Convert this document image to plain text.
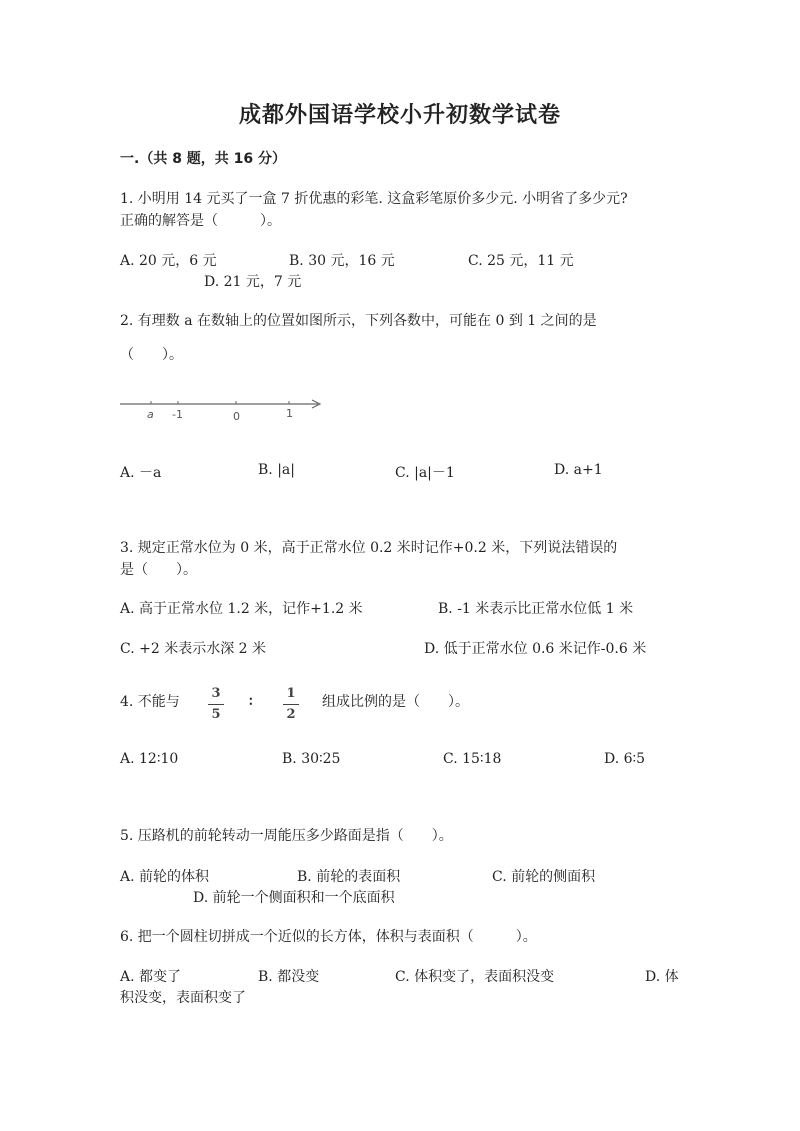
成都外国语学校小升初数学试卷
一.（共 8 题，共 16 分）
1. 小明用 14 元买了一盒 7 折优惠的彩笔. 这盒彩笔原价多少元. 小明省了多少元?
正确的解答是（　　　）。
A. 20 元，6 元	B. 30 元，16 元	C. 25 元，11 元
D. 21 元，7 元
2. 有理数 a 在数轴上的位置如图所示，下列各数中，可能在 0 到 1 之间的是
（　　）。
a -1	0	1
A. －a	B. |a|	C. |a|－1	D. a+1
3. 规定正常水位为 0 米，高于正常水位 0.2 米时记作+0.2 米，下列说法错误的
是（　　）。
A. 高于正常水位 1.2 米，记作+1.2 米	B. -1 米表示比正常水位低 1 米
C. +2 米表示水深 2 米	D. 低于正常水位 0.6 米记作-0.6 米
4. 不能与
3
5
∶
1
2
组成比例的是（　　）。
A. 12∶10	B. 30∶25	C. 15∶18	D. 6∶5
5. 压路机的前轮转动一周能压多少路面是指（　　）。
A. 前轮的体积	B. 前轮的表面积	C. 前轮的侧面积
D. 前轮一个侧面积和一个底面积
6. 把一个圆柱切拼成一个近似的长方体，体积与表面积（　　　）。
A. 都变了	B. 都没变	C. 体积变了，表面积没变	D. 体
积没变，表面积变了
